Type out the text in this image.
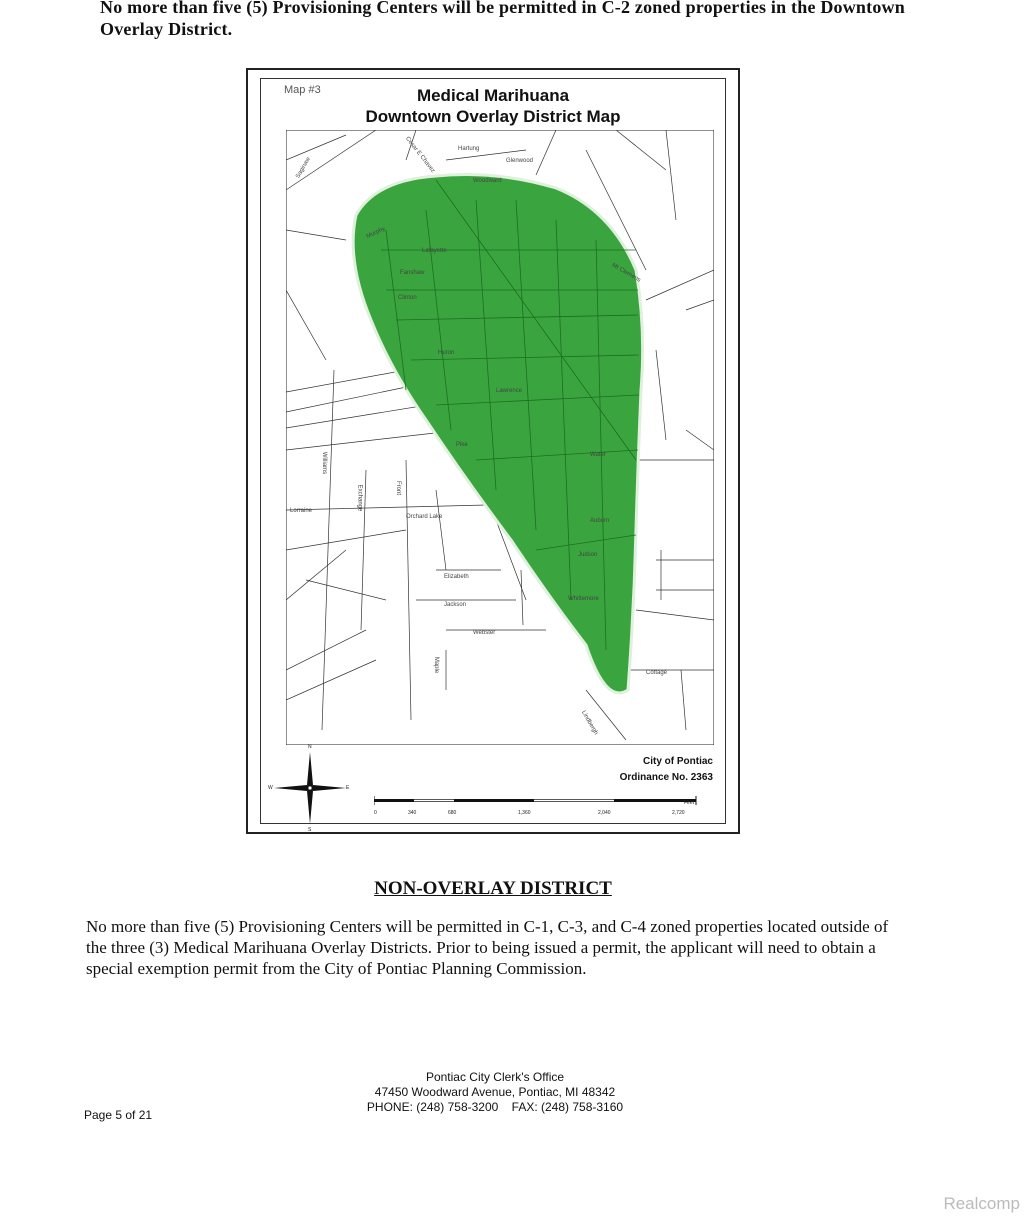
No more than five (5) Provisioning Centers will be permitted in C-2 zoned properties in the Downtown Overlay District.
Map #3	Medical Marihuana
Downtown Overlay District Map
Hartung
Glenwood
Woodward
Cesar E Chavez
Saginaw
Murphy
Lafayette
Fanshaw
Clinton
Huron
Lawrence
Pike
Water
Auburn
Judson
Whittemore
Orchard Lake
Lorraine
Elizabeth
Jackson
Webster
Exchange	Front
Williams
Maple	Cottage
Lindbergh
Mt Clemens
N
S
W	E
City of Pontiac
Ordinance No. 2363
Feet
0	340	680	1,360	2,040	2,720
NON-OVERLAY DISTRICT
No more than five (5) Provisioning Centers will be permitted in C-1, C-3, and C-4 zoned properties located outside of the three (3) Medical Marihuana Overlay Districts. Prior to being issued a permit, the applicant will need to obtain a special exemption permit from the City of Pontiac Planning Commission.
Pontiac City Clerk's Office
47450 Woodward Avenue, Pontiac, MI 48342
PHONE: (248) 758-3200    FAX: (248) 758-3160
Page 5 of 21
Realcomp
